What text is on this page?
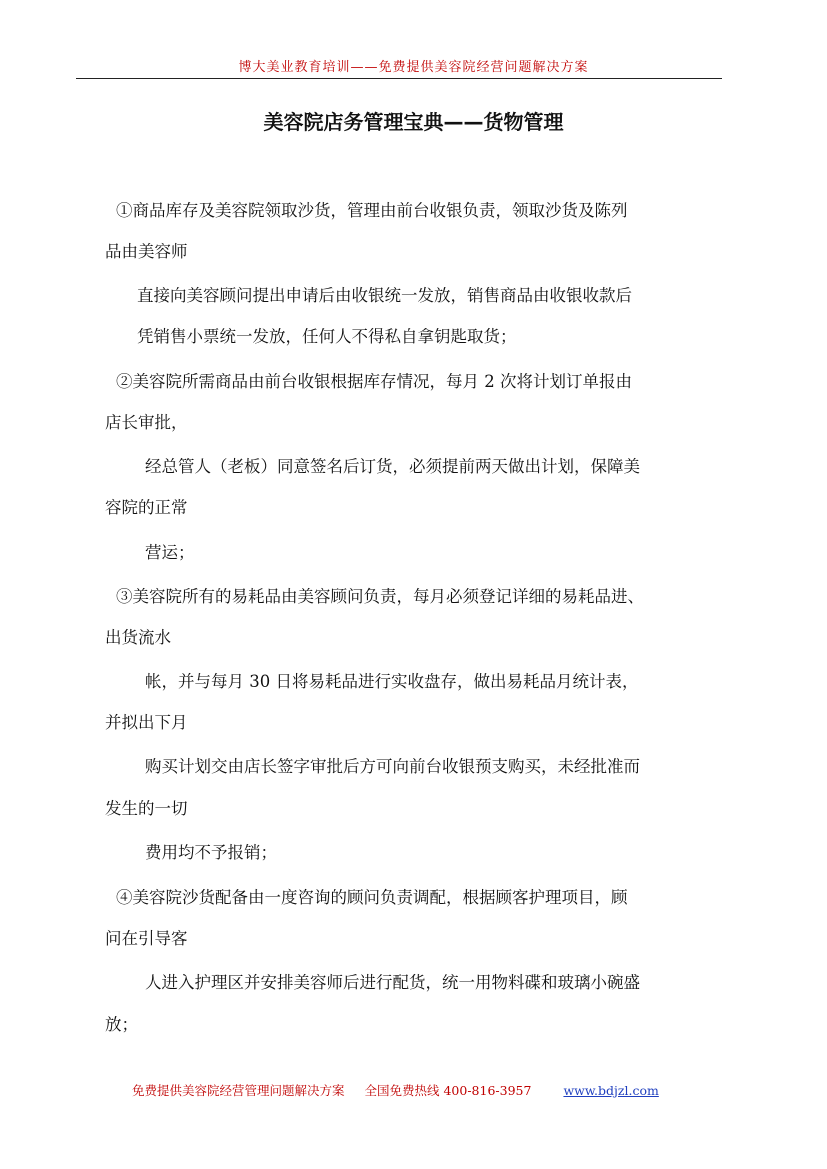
博大美业教育培训——免费提供美容院经营问题解决方案
美容院店务管理宝典——货物管理
①商品库存及美容院领取沙货，管理由前台收银负责，领取沙货及陈列
品由美容师
直接向美容顾问提出申请后由收银统一发放，销售商品由收银收款后
凭销售小票统一发放，任何人不得私自拿钥匙取货；
②美容院所需商品由前台收银根据库存情况，每月 2 次将计划订单报由
店长审批，
经总管人（老板）同意签名后订货，必须提前两天做出计划，保障美
容院的正常
营运；
③美容院所有的易耗品由美容顾问负责，每月必须登记详细的易耗品进、
出货流水
帐，并与每月 30 日将易耗品进行实收盘存，做出易耗品月统计表，
并拟出下月
购买计划交由店长签字审批后方可向前台收银预支购买，未经批准而
发生的一切
费用均不予报销；
④美容院沙货配备由一度咨询的顾问负责调配，根据顾客护理项目，顾
问在引导客
人进入护理区并安排美容师后进行配货，统一用物料碟和玻璃小碗盛
放；
免费提供美容院经营管理问题解决方案 全国免费热线 400-816-3957	www.bdjzl.com
